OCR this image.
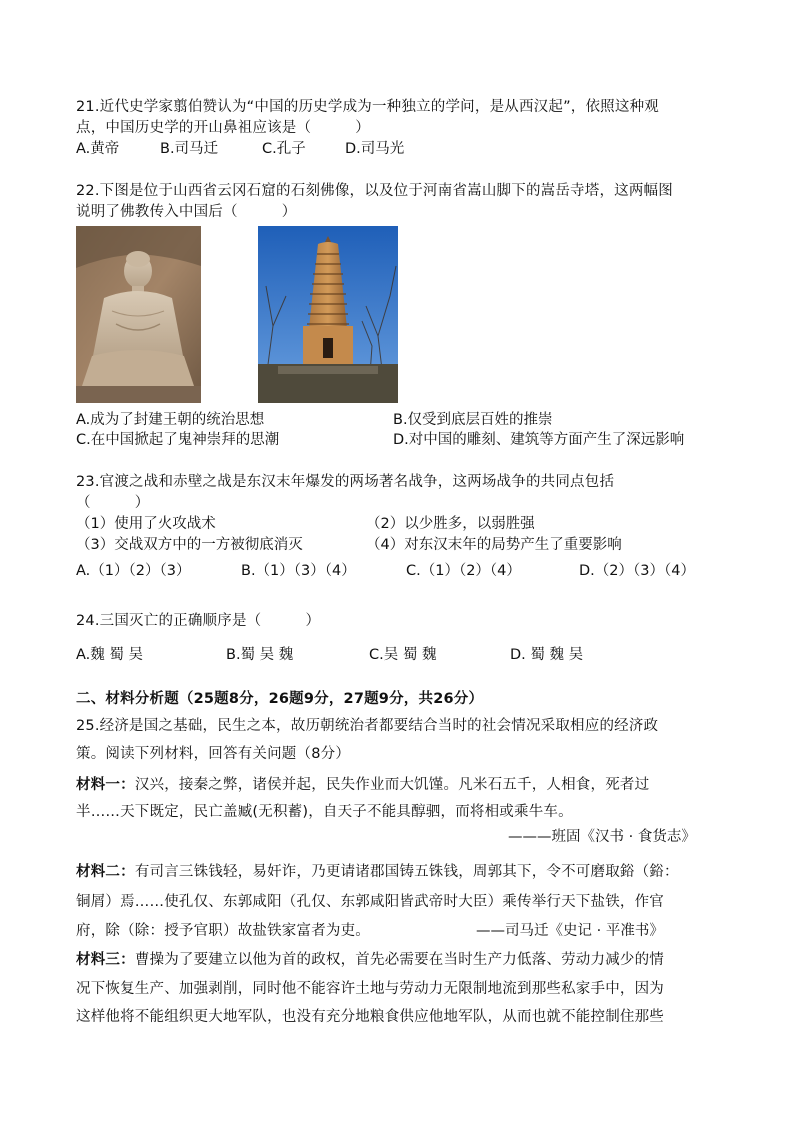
21.近代史学家翦伯赞认为“中国的历史学成为一种独立的学问，是从西汉起”，依照这种观
点，中国历史学的开山鼻祖应该是（　　　）
A.黄帝	B.司马迁	C.孔子	D.司马光
22.下图是位于山西省云冈石窟的石刻佛像，以及位于河南省嵩山脚下的嵩岳寺塔，这两幅图
说明了佛教传入中国后（　　　）
A.成为了封建王朝的统治思想	B.仅受到底层百姓的推崇
C.在中国掀起了鬼神崇拜的思潮	D.对中国的雕刻、建筑等方面产生了深远影响
23.官渡之战和赤壁之战是东汉末年爆发的两场著名战争，这两场战争的共同点包括
（　　　）
（1）使用了火攻战术	（2）以少胜多，以弱胜强
（3）交战双方中的一方被彻底消灭	（4）对东汉末年的局势产生了重要影响
A.（1）（2）（3）	B.（1）（3）（4）	C.（1）（2）（4）	D.（2）（3）（4）
24.三国灭亡的正确顺序是（　　　）
A.魏 蜀 吴	B.蜀 吴 魏	C.吴 蜀 魏	D. 蜀 魏 吴
二、材料分析题（25题8分，26题9分，27题9分，共26分）
25.经济是国之基础，民生之本，故历朝统治者都要结合当时的社会情况采取相应的经济政
策。阅读下列材料，回答有关问题（8分）
材料一：汉兴，接秦之弊，诸侯并起，民失作业而大饥馑。凡米石五千，人相食，死者过
半……天下既定，民亡盖臧(无积蓄)，自天子不能具醇驷，而将相或乘牛车。
———班固《汉书 · 食货志》
材料二：有司言三铢钱轻，易奸诈，乃更请诸郡国铸五铢钱，周郭其下，令不可磨取鋊（鋊：
铜屑）焉……使孔仅、东郭咸阳（孔仅、东郭咸阳皆武帝时大臣）乘传举行天下盐铁，作官
府，除（除：授予官职）故盐铁家富者为吏。	——司马迁《史记 · 平准书》
材料三：曹操为了要建立以他为首的政权，首先必需要在当时生产力低落、劳动力减少的情
况下恢复生产、加强剥削，同时他不能容许土地与劳动力无限制地流到那些私家手中，因为
这样他将不能组织更大地军队，也没有充分地粮食供应他地军队，从而也就不能控制住那些
